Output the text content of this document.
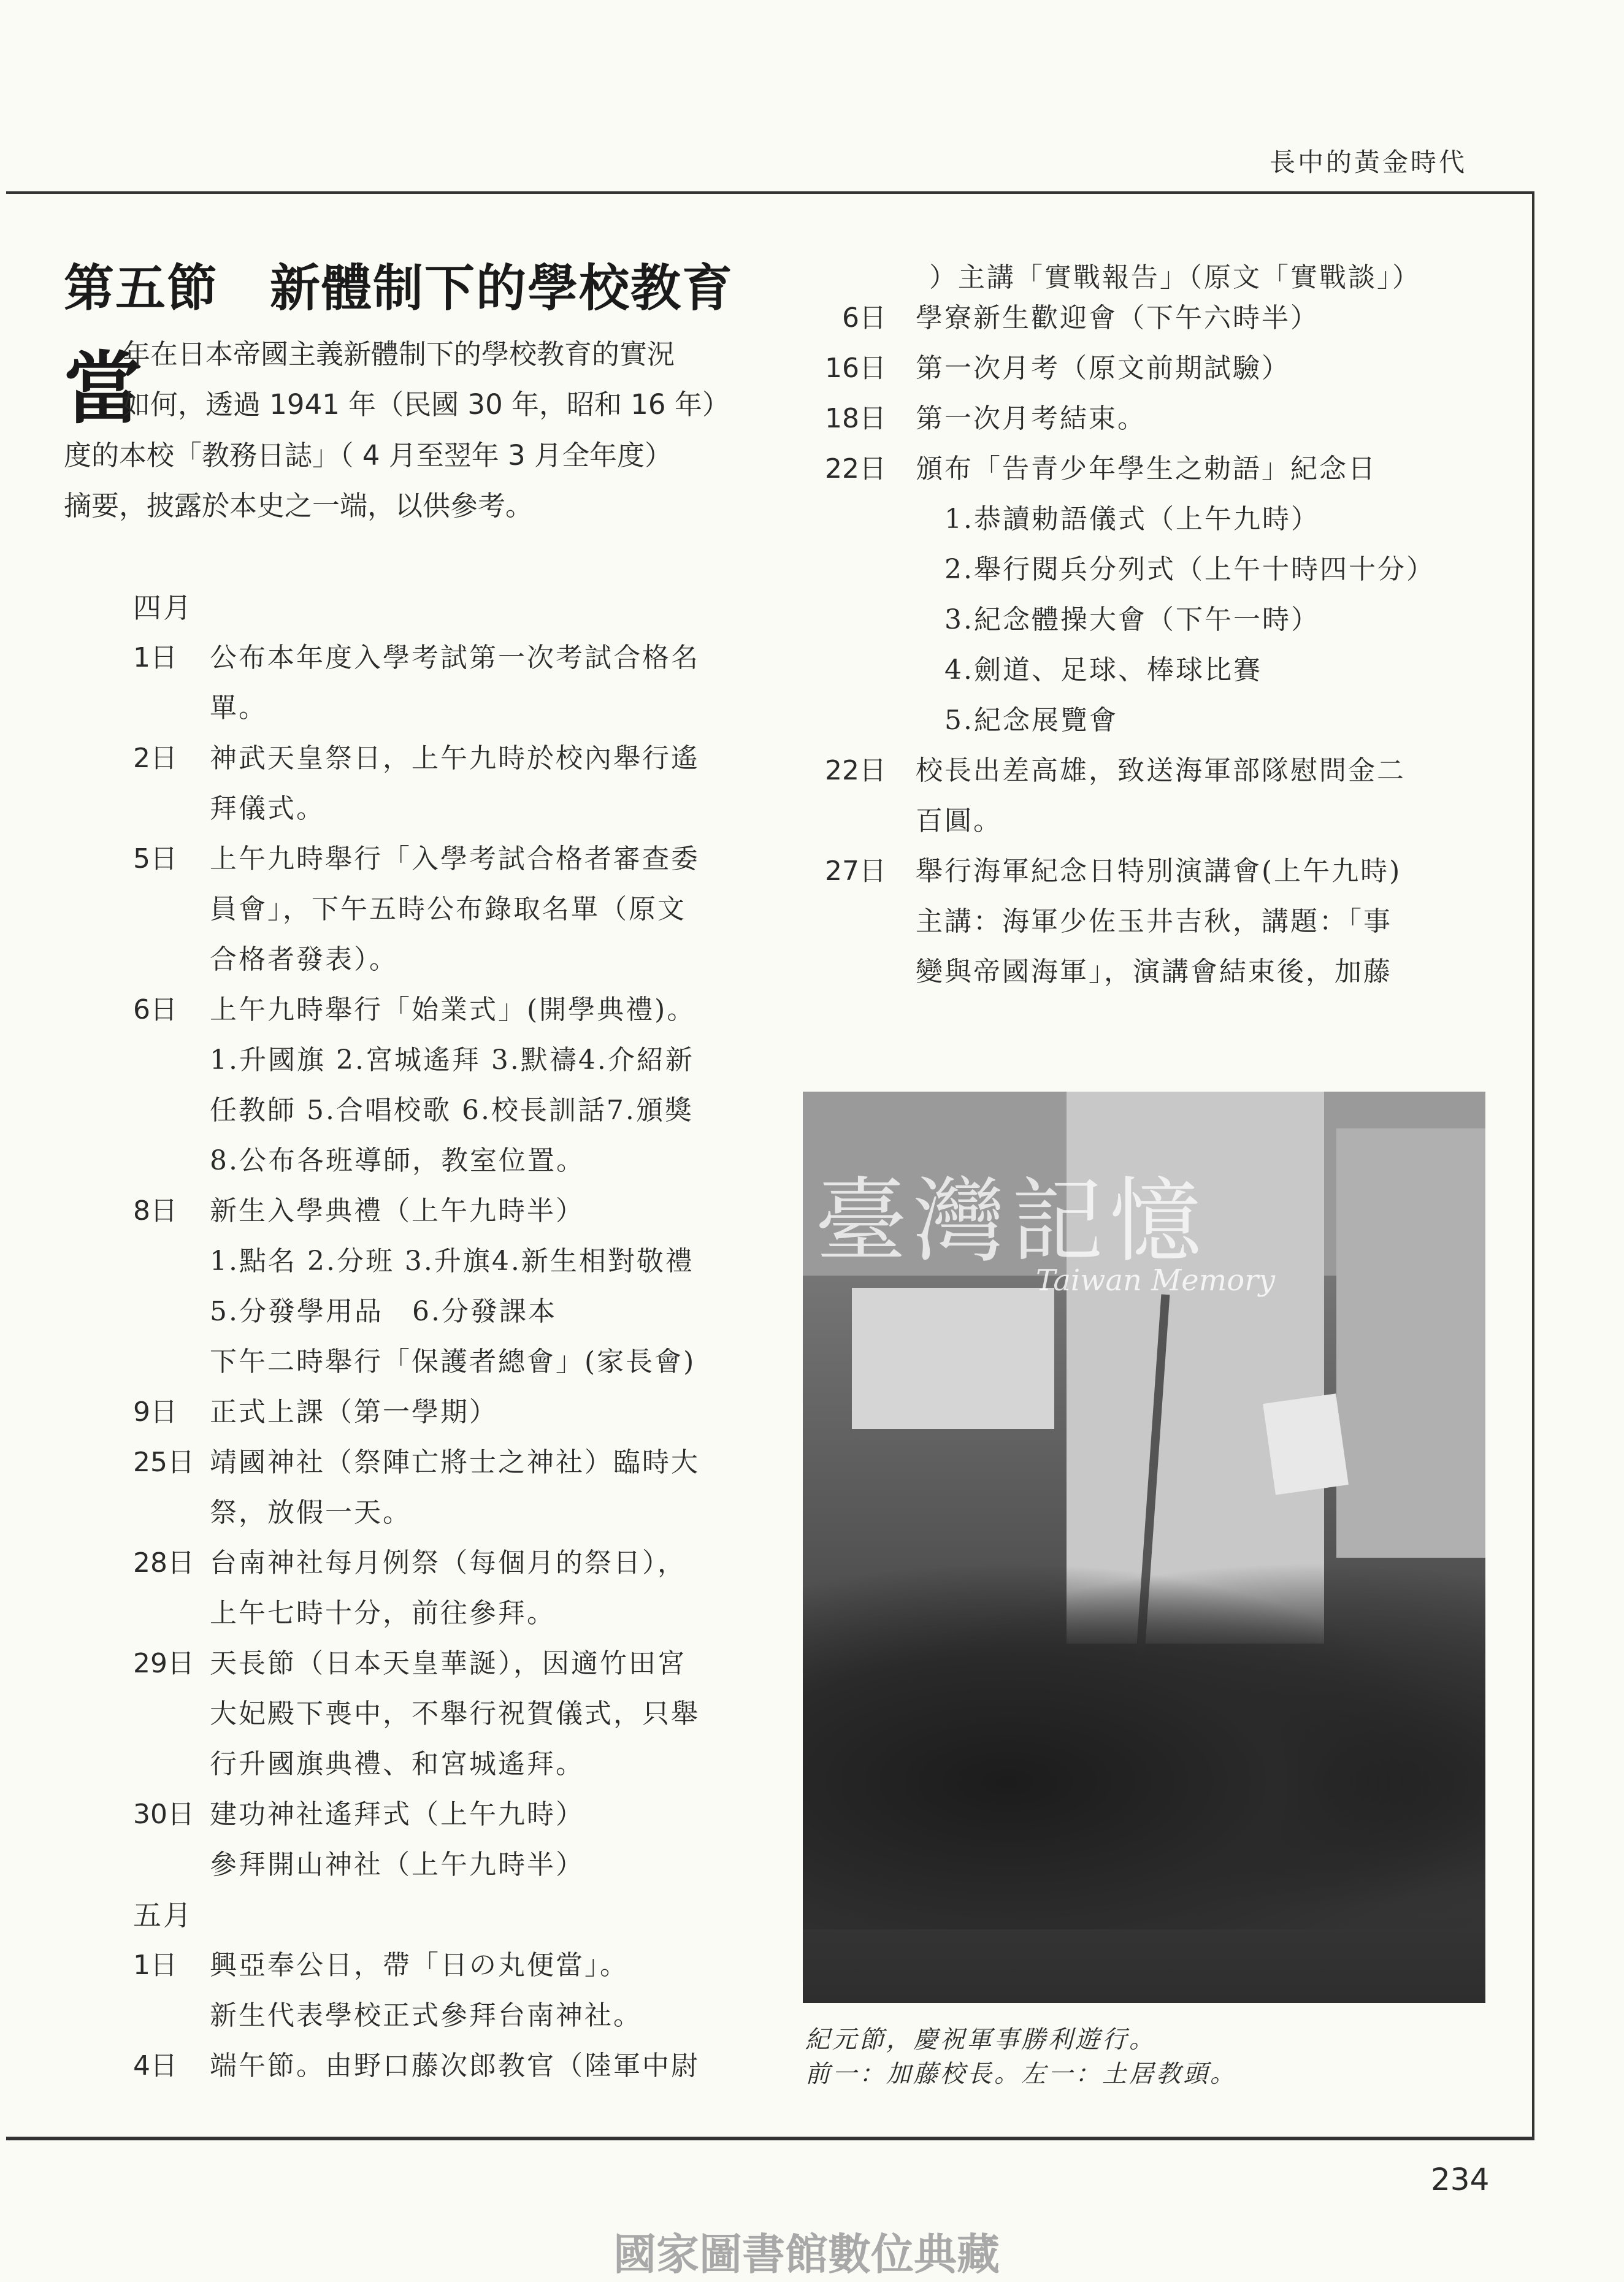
長中的黃金時代
第五節　新體制下的學校教育
當
年在日本帝國主義新體制下的學校教育的實況
如何，透過 1941 年（民國 30 年，昭和 16 年）
度的本校「教務日誌」（ 4 月至翌年 3 月全年度）
摘要，披露於本史之一端，以供參考。
四月
1日 公布本年度入學考試第一次考試合格名
單。
2日 神武天皇祭日，上午九時於校內舉行遙
拜儀式。
5日 上午九時舉行「入學考試合格者審查委
員會」，下午五時公布錄取名單（原文
合格者發表）。
6日 上午九時舉行「始業式」(開學典禮)。
1.升國旗 2.宮城遙拜 3.默禱4.介紹新
任教師 5.合唱校歌 6.校長訓話7.頒獎
8.公布各班導師，教室位置。
8日 新生入學典禮（上午九時半）
1.點名 2.分班 3.升旗4.新生相對敬禮
5.分發學用品　6.分發課本
下午二時舉行「保護者總會」(家長會)
9日 正式上課（第一學期）
25日 靖國神社（祭陣亡將士之神社）臨時大
祭，放假一天。
28日 台南神社每月例祭（每個月的祭日），
上午七時十分，前往參拜。
29日 天長節（日本天皇華誕），因適竹田宮
大妃殿下喪中，不舉行祝賀儀式，只舉
行升國旗典禮、和宮城遙拜。
30日 建功神社遙拜式（上午九時）
參拜開山神社（上午九時半）
五月
1日 興亞奉公日，帶「日の丸便當」。
新生代表學校正式參拜台南神社。
4日 端午節。由野口藤次郎教官（陸軍中尉
）主講「實戰報告」（原文「實戰談」）
6日 學寮新生歡迎會（下午六時半）
16日 第一次月考（原文前期試驗）
18日 第一次月考結束。
22日 頒布「告青少年學生之勅語」紀念日
1.恭讀勅語儀式（上午九時）
2.舉行閱兵分列式（上午十時四十分）
3.紀念體操大會（下午一時）
4.劍道、足球、棒球比賽
5.紀念展覽會
22日 校長出差高雄，致送海軍部隊慰問金二
百圓。
27日 舉行海軍紀念日特別演講會(上午九時)
主講：海軍少佐玉井吉秋，講題：「事
變與帝國海軍」，演講會結束後，加藤
臺灣記憶
Taiwan Memory
紀元節，慶祝軍事勝利遊行。
前一：加藤校長。左一：土居教頭。
234
國家圖書館數位典藏
